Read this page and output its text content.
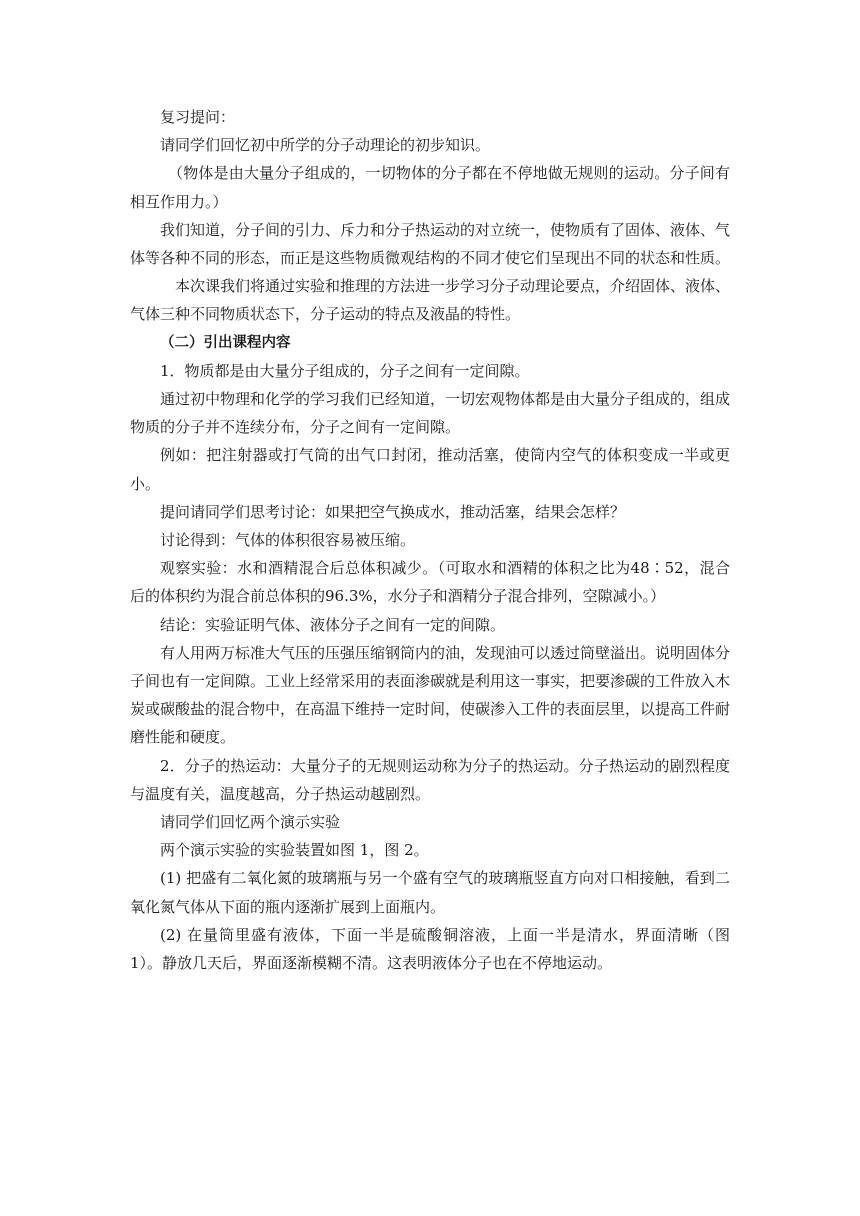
复习提问：

请同学们回忆初中所学的分子动理论的初步知识。

（物体是由大量分子组成的，一切物体的分子都在不停地做无规则的运动。分子间有相互作用力。）

我们知道，分子间的引力、斥力和分子热运动的对立统一，使物质有了固体、液体、气体等各种不同的形态，而正是这些物质微观结构的不同才使它们呈现出不同的状态和性质。

本次课我们将通过实验和推理的方法进一步学习分子动理论要点，介绍固体、液体、气体三种不同物质状态下，分子运动的特点及液晶的特性。

（二）引出课程内容

1．物质都是由大量分子组成的，分子之间有一定间隙。

通过初中物理和化学的学习我们已经知道，一切宏观物体都是由大量分子组成的，组成物质的分子并不连续分布，分子之间有一定间隙。

例如：把注射器或打气筒的出气口封闭，推动活塞，使筒内空气的体积变成一半或更小。

提问请同学们思考讨论：如果把空气换成水，推动活塞，结果会怎样？

讨论得到：气体的体积很容易被压缩。

观察实验：水和酒精混合后总体积减少。（可取水和酒精的体积之比为48∶52，混合后的体积约为混合前总体积的96.3%，水分子和酒精分子混合排列，空隙减小。）

结论：实验证明气体、液体分子之间有一定的间隙。

有人用两万标准大气压的压强压缩钢筒内的油，发现油可以透过筒壁溢出。说明固体分子间也有一定间隙。工业上经常采用的表面渗碳就是利用这一事实，把要渗碳的工件放入木炭或碳酸盐的混合物中，在高温下维持一定时间，使碳渗入工件的表面层里，以提高工件耐磨性能和硬度。

2．分子的热运动：大量分子的无规则运动称为分子的热运动。分子热运动的剧烈程度与温度有关，温度越高，分子热运动越剧烈。

请同学们回忆两个演示实验

两个演示实验的实验装置如图 1，图 2。

(1) 把盛有二氧化氮的玻璃瓶与另一个盛有空气的玻璃瓶竖直方向对口相接触，看到二氧化氮气体从下面的瓶内逐渐扩展到上面瓶内。

(2) 在量筒里盛有液体，下面一半是硫酸铜溶液，上面一半是清水，界面清晰（图 1）。静放几天后，界面逐渐模糊不清。这表明液体分子也在不停地运动。
